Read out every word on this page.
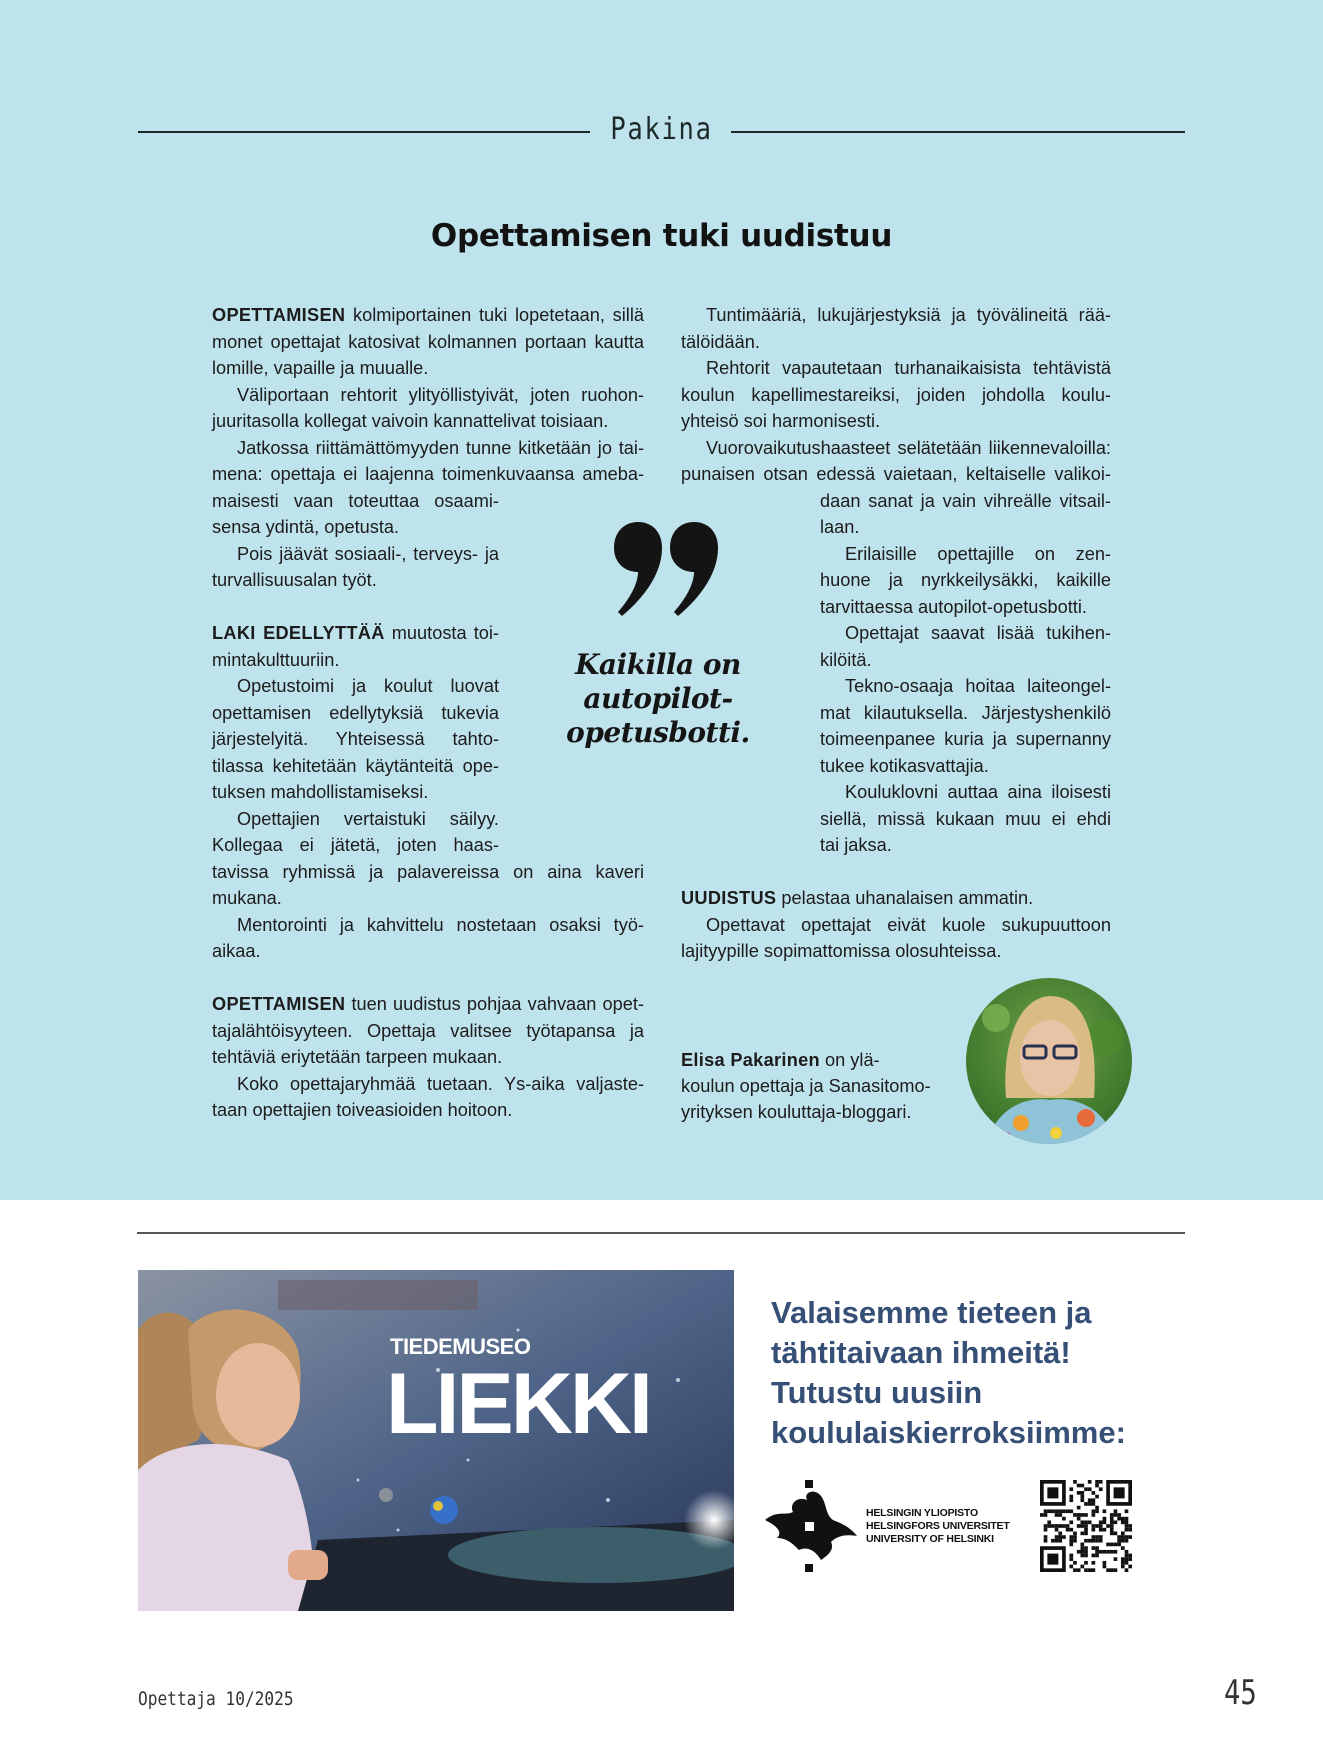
Pakina
Opettamisen tuki uudistuu
OPETTAMISEN kolmiportainen tuki lopetetaan, sillä
monet opettajat katosivat kolmannen portaan kautta
lomille, vapaille ja muualle.
Väliportaan rehtorit ylityöllistyivät, joten ruohon-
juuritasolla kollegat vaivoin kannattelivat toisiaan.
Jatkossa riittämättömyyden tunne kitketään jo tai-
mena: opettaja ei laajenna toimenkuvaansa ameba-
maisesti vaan toteuttaa osaami-
sensa ydintä, opetusta.
Pois jäävät sosiaali-, terveys- ja
turvallisuusalan työt.
LAKI EDELLYTTÄÄ muutosta toi-
mintakulttuuriin.
Opetustoimi ja koulut luovat
opettamisen edellytyksiä tukevia
järjestelyitä. Yhteisessä tahto-
tilassa kehitetään käytänteitä ope-
tuksen mahdollistamiseksi.
Opettajien vertaistuki säilyy.
Kollegaa ei jätetä, joten haas-
tavissa ryhmissä ja palavereissa on aina kaveri
mukana.
Mentorointi ja kahvittelu nostetaan osaksi työ-
aikaa.
OPETTAMISEN tuen uudistus pohjaa vahvaan opet-
tajalähtöisyyteen. Opettaja valitsee työtapansa ja
tehtäviä eriytetään tarpeen mukaan.
Koko opettajaryhmää tuetaan. Ys-aika valjaste-
taan opettajien toiveasioiden hoitoon.
Tuntimääriä, lukujärjestyksiä ja työvälineitä rää-
tälöidään.
Rehtorit vapautetaan turhanaikaisista tehtävistä
koulun kapellimestareiksi, joiden johdolla koulu-
yhteisö soi harmonisesti.
Vuorovaikutushaasteet selätetään liikennevaloilla:
punaisen otsan edessä vaietaan, keltaiselle valikoi-
daan sanat ja vain vihreälle vitsail-
laan.
Erilaisille opettajille on zen-
huone ja nyrkkeilysäkki, kaikille
tarvittaessa autopilot-opetusbotti.
Opettajat saavat lisää tukihen-
kilöitä.
Tekno-osaaja hoitaa laiteongel-
mat kilautuksella. Järjestyshenkilö
toimeenpanee kuria ja supernanny
tukee kotikasvattajia.
Kouluklovni auttaa aina iloisesti
siellä, missä kukaan muu ei ehdi
tai jaksa.
UUDISTUS pelastaa uhanalaisen ammatin.
Opettavat opettajat eivät kuole sukupuuttoon
lajityypille sopimattomissa olosuhteissa.
Kaikilla on
autopilot-
opetusbotti.
Elisa Pakarinen on ylä-
koulun opettaja ja Sanasitomo-
yrityksen kouluttaja-bloggari.
TIEDEMUSEO
LIEKKI
Valaisemme tieteen ja
tähtitaivaan ihmeitä!
Tutustu uusiin
koululaiskierroksiimme:
HELSINGIN YLIOPISTO
HELSINGFORS UNIVERSITET
UNIVERSITY OF HELSINKI
Opettaja 10/2025	45
